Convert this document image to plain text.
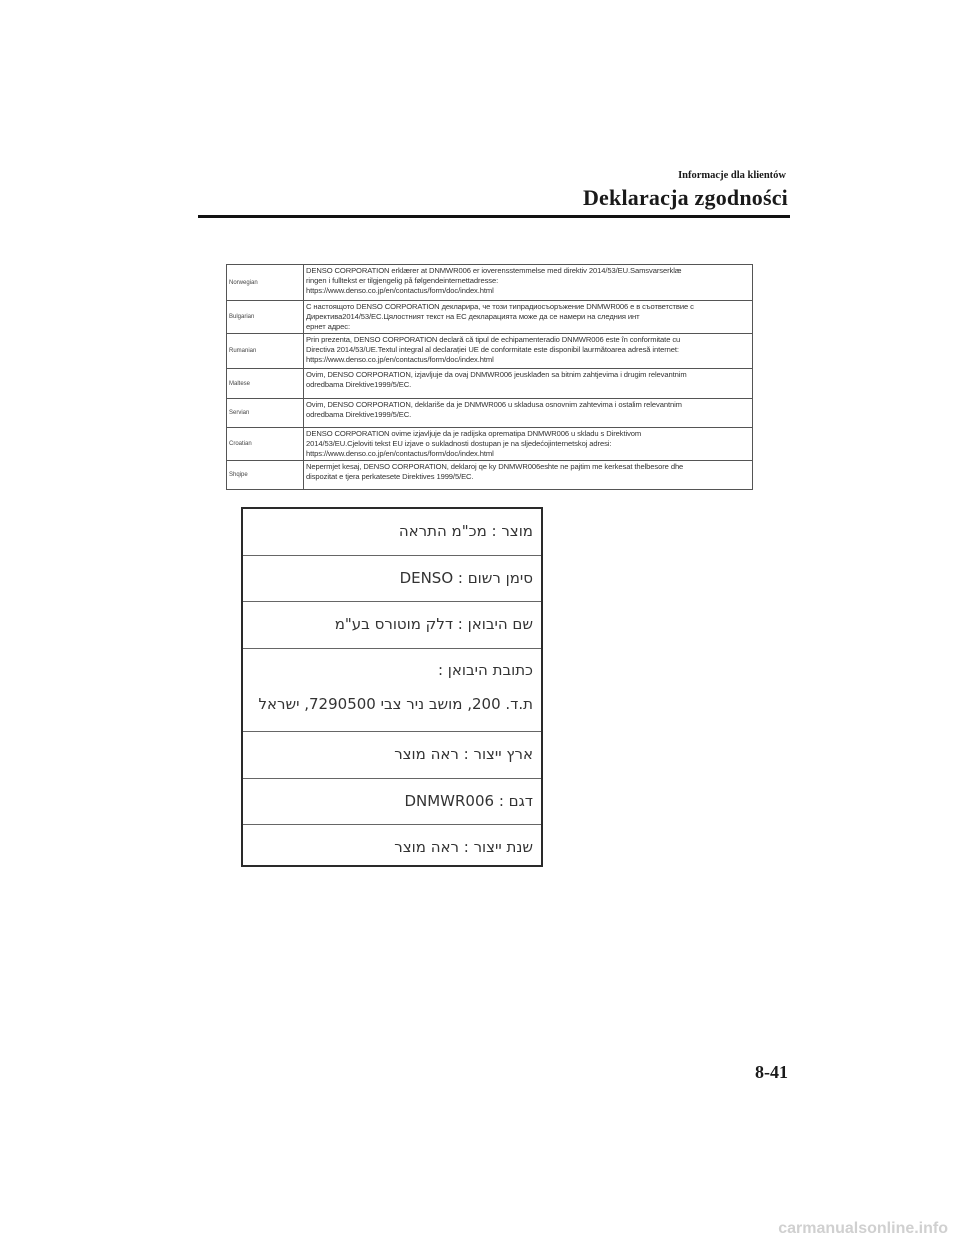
Informacje dla klientów
Deklaracja zgodności
Norwegian	DENSO CORPORATION erklærer at DNMWR006 er ioverensstemmelse med direktiv 2014/53/EU.Samsvarserklæ
ringen i fulltekst er tilgjengelig på følgendeinternettadresse:
https://www.denso.co.jp/en/contactus/form/doc/index.html

Bulgarian	С настоящото DENSO CORPORATION декларира, че този типрадиосъоръжение DNMWR006 е в съответствие с
Директива2014/53/EC.Цялостният текст на ЕС декларацията може да се намери на следния инт
ернет адрес:

Rumanian	Prin prezenta, DENSO CORPORATION declară că tipul de echipamenteradio DNMWR006 este în conformitate cu
Directiva 2014/53/UE.Textul integral al declarației UE de conformitate este disponibil laurmătoarea adresă internet:
https://www.denso.co.jp/en/contactus/form/doc/index.html

Maltese	Ovim, DENSO CORPORATION, izjavljuje da ovaj DNMWR006 jeusklađen sa bitnim zahtjevima i drugim relevantnim
odredbama Direktive1999/5/EC.

Servian	Ovim, DENSO CORPORATION, deklariše da je DNMWR006 u skladusa osnovnim zahtevima i ostalim relevantnim
odredbama Direktive1999/5/EC.

Croatian	DENSO CORPORATION ovime izjavljuje da je radijska oprematipa DNMWR006 u skladu s Direktivom
2014/53/EU.Cjeloviti tekst EU izjave o sukladnosti dostupan je na sljedećojinternetskoj adresi:
https://www.denso.co.jp/en/contactus/form/doc/index.html

Shqipe	Nepermjet kesaj, DENSO CORPORATION, deklaroj qe ky DNMWR006eshte ne pajtim me kerkesat thelbesore dhe
dispozitat e tjera perkatesete Direktives 1999/5/EC.
מוצר : מכ"מ התראה
סימן רשום : DENSO
שם היבואן : דלק מוטורס בע"מ
כתובת היבואן :
ת.ד. 200, מושב ניר צבי 7290500, ישראל
ארץ ייצור : ראה מוצר
דגם : DNMWR006
שנת ייצור : ראה מוצר
8-41
carmanualsonline.info
